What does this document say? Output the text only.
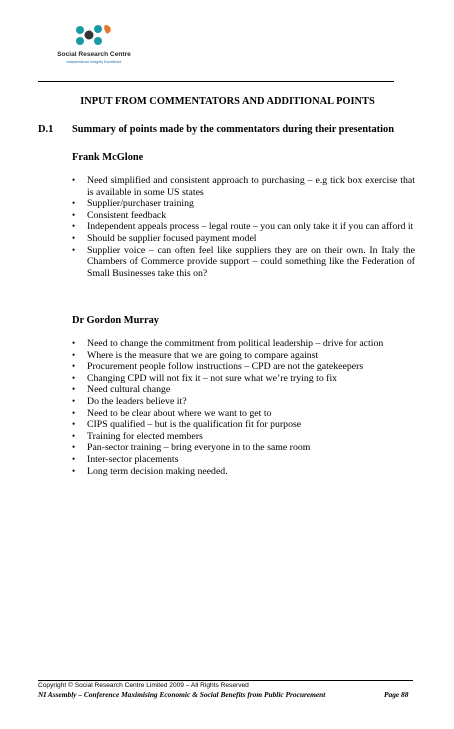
Social Research Centre
Independence Integrity Excellence
INPUT FROM COMMENTATORS AND ADDITIONAL POINTS
D.1 Summary of points made by the commentators during their presentation
Frank McGlone
• Need simplified and consistent approach to purchasing – e.g tick box exercise that is available in some US states
• Supplier/purchaser training
• Consistent feedback
• Independent appeals process – legal route – you can only take it if you can afford it
• Should be supplier focused payment model
• Supplier voice – can often feel like suppliers they are on their own. In Italy the Chambers of Commerce provide support – could something like the Federation of Small Businesses take this on?
Dr Gordon Murray
• Need to change the commitment from political leadership – drive for action
• Where is the measure that we are going to compare against
• Procurement people follow instructions – CPD are not the gatekeepers
• Changing CPD will not fix it – not sure what we’re trying to fix
• Need cultural change
• Do the leaders believe it?
• Need to be clear about where we want to get to
• CIPS qualified – but is the qualification fit for purpose
• Training for elected members
• Pan-sector training – bring everyone in to the same room
• Inter-sector placements
• Long term decision making needed.
Copyright © Social Research Centre Limited 2009 – All Rights Reserved
NI Assembly – Conference Maximising Economic & Social Benefits from Public Procurement	Page 88
